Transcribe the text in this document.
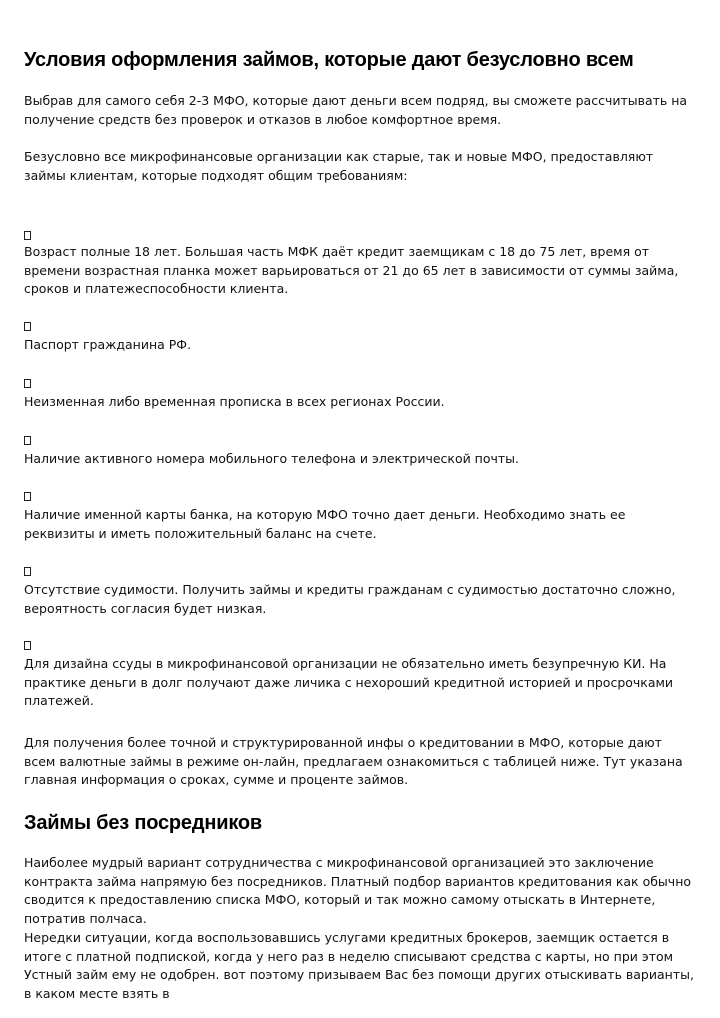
Условия оформления займов, которые дают безусловно всем

Выбрав для самого себя 2-3 МФО, которые дают деньги всем подряд, вы сможете рассчитывать на получение средств без проверок и отказов в любое комфортное время.

Безусловно все микрофинансовые организации как старые, так и новые МФО, предоставляют займы клиентам, которые подходят общим требованиям:

Возраст полные 18 лет. Большая часть МФК даёт кредит заемщикам с 18 до 75 лет, время от времени возрастная планка может варьироваться от 21 до 65 лет в зависимости от суммы займа, сроков и платежеспособности клиента.

Паспорт гражданина РФ.

Неизменная либо временная прописка в всех регионах России.

Наличие активного номера мобильного телефона и электрической почты.

Наличие именной карты банка, на которую МФО точно дает деньги. Необходимо знать ее реквизиты и иметь положительный баланс на счете.

Отсутствие судимости. Получить займы и кредиты гражданам с судимостью достаточно сложно, вероятность согласия будет низкая.

Для дизайна ссуды в микрофинансовой организации не обязательно иметь безупречную КИ. На практике деньги в долг получают даже личика с нехороший кредитной историей и просрочками платежей.

Для получения более точной и структурированной инфы о кредитовании в МФО, которые дают всем валютные займы в режиме он-лайн, предлагаем ознакомиться с таблицей ниже. Тут указана главная информация о сроках, сумме и проценте займов.

Займы без посредников

Наиболее мудрый вариант сотрудничества с микрофинансовой организацией это заключение контракта займа напрямую без посредников. Платный подбор вариантов кредитования как обычно сводится к предоставлению списка МФО, который и так можно самому отыскать в Интернете, потратив полчаса.

Нередки ситуации, когда воспользовавшись услугами кредитных брокеров, заемщик остается в итоге с платной подпиской, когда у него раз в неделю списывают средства с карты, но при этом Устный займ ему не одобрен. вот поэтому призываем Вас без помощи других отыскивать варианты, в каком месте взять в
